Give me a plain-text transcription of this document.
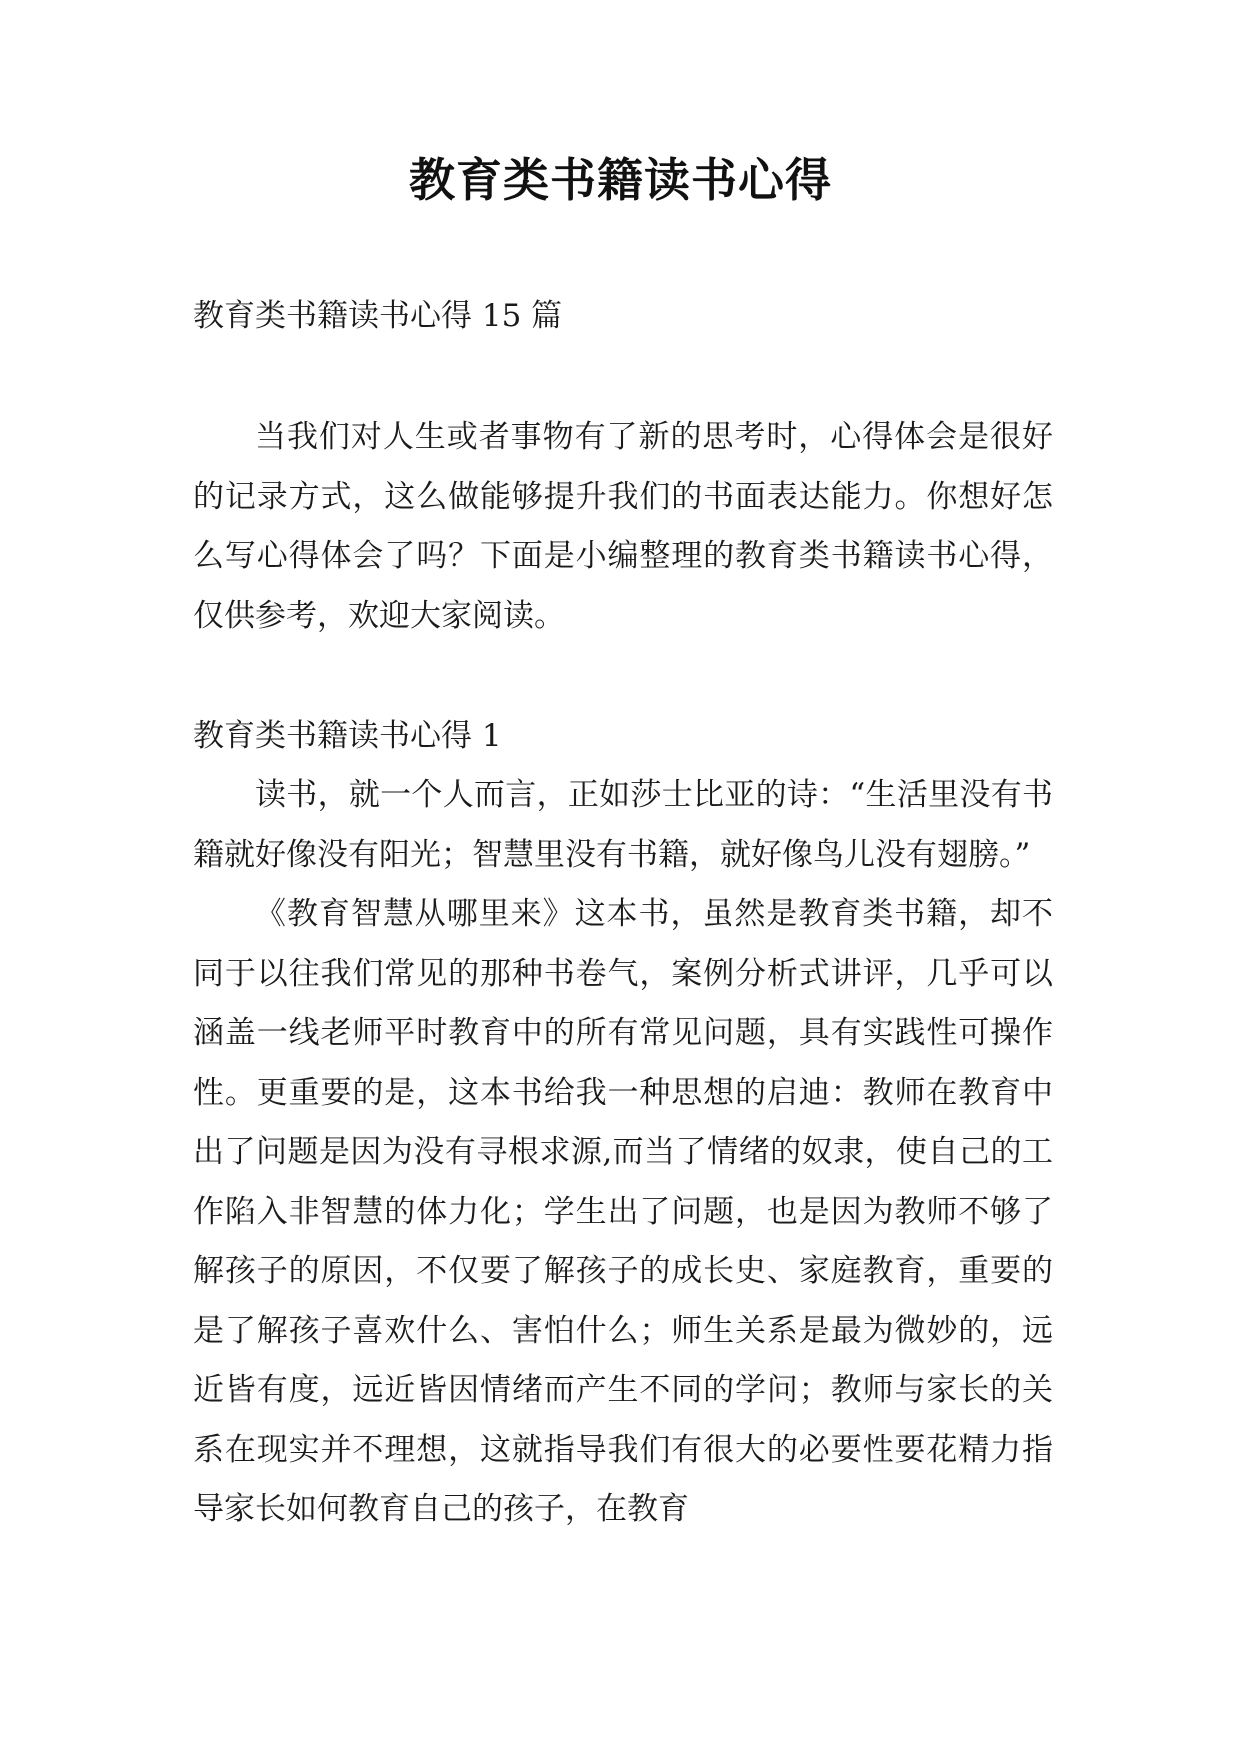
教育类书籍读书心得
教育类书籍读书心得 15 篇

当我们对人生或者事物有了新的思考时，心得体会是很好的记录方式，这么做能够提升我们的书面表达能力。你想好怎么写心得体会了吗？下面是小编整理的教育类书籍读书心得，仅供参考，欢迎大家阅读。

教育类书籍读书心得 1

读书，就一个人而言，正如莎士比亚的诗：“生活里没有书籍就好像没有阳光；智慧里没有书籍，就好像鸟儿没有翅膀。”

《教育智慧从哪里来》这本书，虽然是教育类书籍，却不同于以往我们常见的那种书卷气，案例分析式讲评，几乎可以涵盖一线老师平时教育中的所有常见问题，具有实践性可操作性。更重要的是，这本书给我一种思想的启迪：教师在教育中出了问题是因为没有寻根求源,而当了情绪的奴隶，使自己的工作陷入非智慧的体力化；学生出了问题，也是因为教师不够了解孩子的原因，不仅要了解孩子的成长史、家庭教育，重要的是了解孩子喜欢什么、害怕什么；师生关系是最为微妙的，远近皆有度，远近皆因情绪而产生不同的学问；教师与家长的关系在现实并不理想，这就指导我们有很大的必要性要花精力指导家长如何教育自己的孩子，在教育
